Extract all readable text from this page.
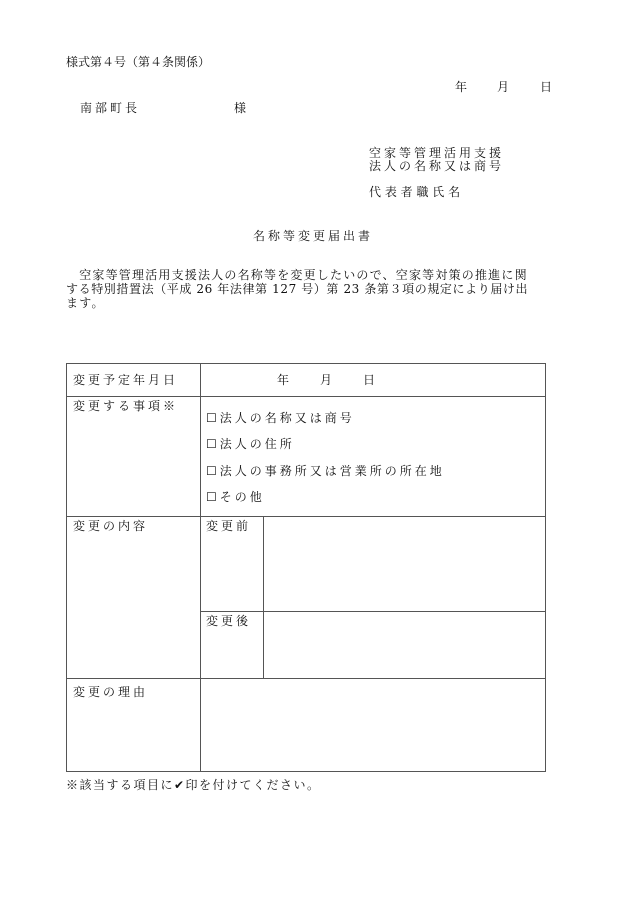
様式第４号（第４条関係）
年 月	日
南部町長	様
空家等管理活用支援
法人の名称又は商号
代 表 者 職 氏 名
名称等変更届出書
　空家等管理活用支援法人の名称等を変更したいので、空家等対策の推進に関
する特別措置法（平成 26 年法律第 127 号）第 23 条第３項の規定により届け出
ます。
変更予定年月日	年	月	日
変更する事項※
☐法人の名称又は商号
☐法人の住所
☐法人の事務所又は営業所の所在地
☐その他
変更の内容	変更前
変更後
変更の理由
※該当する項目に✔印を付けてください。
